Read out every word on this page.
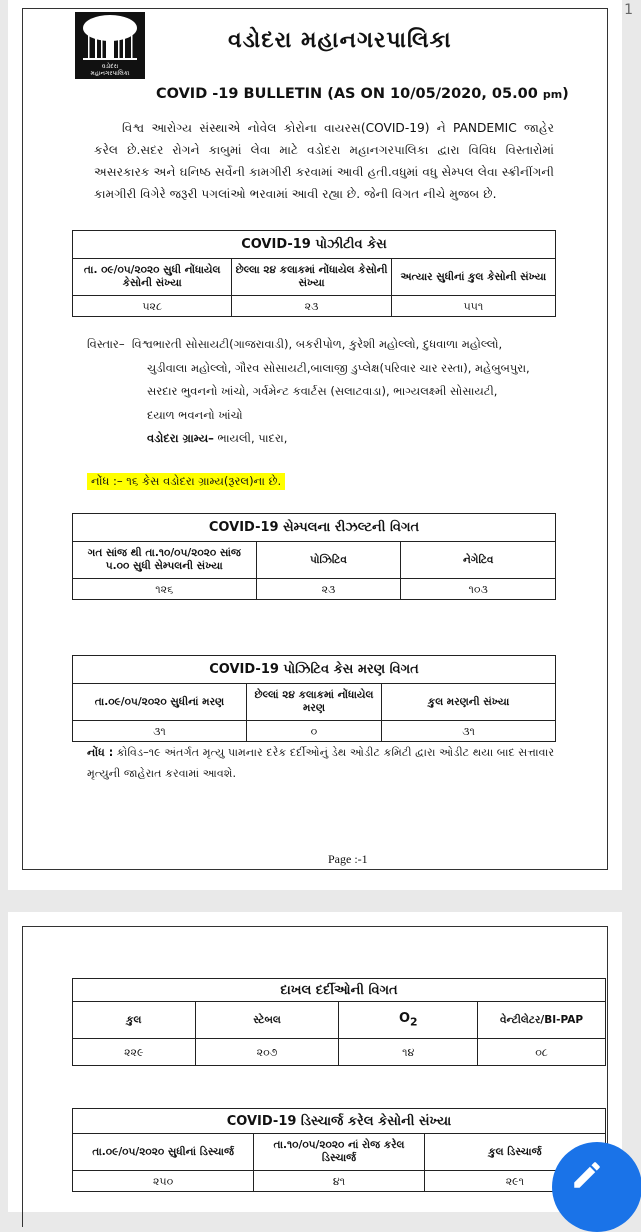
1
વડોદરા
મહાનગરપાલિકા
વડોદરા મહાનગરપાલિકા
COVID -19 BULLETIN (AS ON 10/05/2020, 05.00 pm)

વિશ્વ આરોગ્ય સંસ્થાએ નોવેલ કોરોના વાયરસ(COVID-19) ને PANDEMIC જાહેર કરેલ છે.સદર રોગને કાબુમાં લેવા માટે વડોદરા મહાનગરપાલિકા દ્વારા વિવિધ વિસ્તારોમાં અસરકારક અને ઘનિષ્ઠ સર્વેની કામગીરી કરવામાં આવી હતી.વધુમાં વધુ સેમ્પલ લેવા સ્ક્રીનીંગની કામગીરી વિગેરે જરૂરી પગલાંઓ ભરવામાં આવી રહ્યા છે. જેની વિગત નીચે મુજબ છે.

COVID-19 પોઝીટીવ કેસ		
તા. ૦૯/૦૫/૨૦૨૦ સુધી નોંધાયેલ કેસોની સંખ્યા	છેલ્લા ૨૪ કલાકમાં નોંધાયેલ કેસોની સંખ્યા	અત્યાર સુધીનાં કુલ કેસોની સંખ્યા
૫૨૮	૨૩	૫૫૧
વિસ્તાર– વિશ્વભારતી સોસાયટી(ગાજરાવાડી), બકરીપોળ, કુરેશી મહોલ્લો, દુધવાળા મહોલ્લો,
ચુડીવાલા મહોલ્લો, ગૌરવ સોસાયટી,બાલાજી ડુપ્લેક્ષ(પરિવાર ચાર રસ્તા), મહેબુબપુરા,
સરદાર ભુવનનો ખાંચો, ગર્વમેન્ટ કવાર્ટસ (સલાટવાડા), ભાગ્યલક્ષ્મી સોસાયટી,
દયાળ ભવનનો ખાંચો
વડોદરા ગ્રામ્ય– ભાયલી, પાદરા,
નોંધ :– ૧૬ કેસ વડોદરા ગ્રામ્ય(રૂરલ)ના છે.
COVID-19 સેમ્પલના રીઝલ્ટની વિગત		
ગત સાંજ થી તા.૧૦/૦૫/૨૦૨૦ સાંજ ૫.૦૦ સુધી સેમ્પલની સંખ્યા	પોઝિટિવ	નેગેટિવ
૧૨૬	૨૩	૧૦૩
COVID-19 પોઝિટિવ કેસ મરણ વિગત		
તા.૦૯/૦૫/૨૦૨૦ સુધીનાં મરણ	છેલ્લાં ૨૪ કલાકમાં નોંધાયેલ મરણ	કુલ મરણની સંખ્યા
૩૧	૦	૩૧
નોંધ : કોવિડ–૧૯ અંતર્ગત મૃત્યુ પામનાર દરેક દર્દીઓનું ડેથ ઓડીટ કમિટી દ્વારા ઓડીટ થયા બાદ સત્તાવાર મૃત્યુની જાહેરાત કરવામાં આવશે.
Page :-1
દાખલ દર્દીઓની વિગત			
કુલ	સ્ટેબલ	$O_2$	વેન્ટીલેટર/BI-PAP
૨૨૯	૨૦૭	૧૪	૦૮
COVID-19 ડિસ્ચાર્જ કરેલ કેસોની સંખ્યા		
તા.૦૯/૦૫/૨૦૨૦ સુધીનાં ડિસ્ચાર્જ	તા.૧૦/૦૫/૨૦૨૦ નાં રોજ કરેલ ડિસ્ચાર્જ	કુલ ડિસ્ચાર્જ
૨૫૦	૪૧	૨૯૧
